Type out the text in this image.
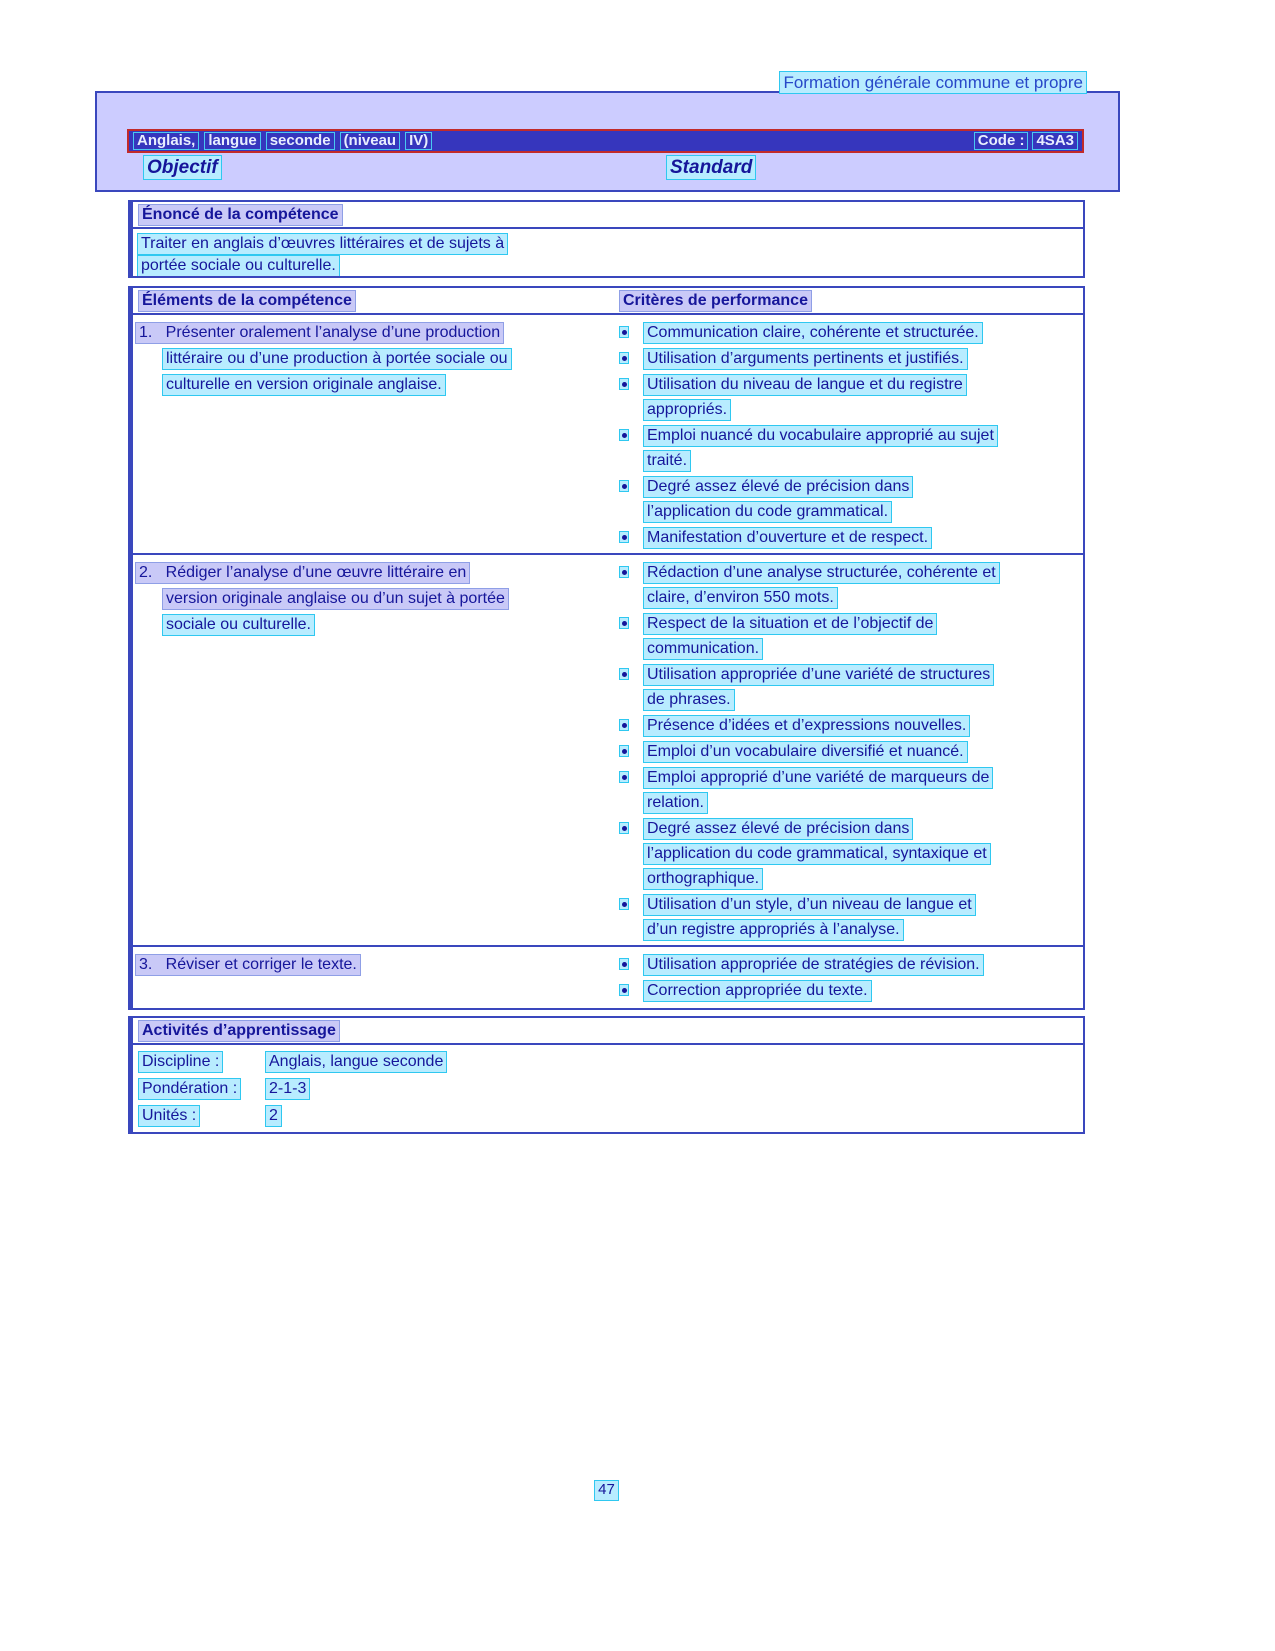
Formation générale commune et propre
Anglais, langue seconde (niveau IV)	Code : 4SA3
Objectif	Standard
Énoncé de la compétence
Traiter en anglais d’œuvres littéraires et de sujets à
portée sociale ou culturelle.
Éléments de la compétence	Critères de performance
1.   Présenter oralement l’analyse d’une production
littéraire ou d’une production à portée sociale ou
culturelle en version originale anglaise.
Communication claire, cohérente et structurée.
Utilisation d’arguments pertinents et justifiés.
Utilisation du niveau de langue et du registre
appropriés.
Emploi nuancé du vocabulaire approprié au sujet
traité.
Degré assez élevé de précision dans
l’application du code grammatical.
Manifestation d’ouverture et de respect.
2.   Rédiger l’analyse d’une œuvre littéraire en
version originale anglaise ou d’un sujet à portée
sociale ou culturelle.
Rédaction d’une analyse structurée, cohérente et
claire, d’environ 550 mots.
Respect de la situation et de l’objectif de
communication.
Utilisation appropriée d’une variété de structures
de phrases.
Présence d’idées et d’expressions nouvelles.
Emploi d’un vocabulaire diversifié et nuancé.
Emploi approprié d’une variété de marqueurs de
relation.
Degré assez élevé de précision dans
l’application du code grammatical, syntaxique et
orthographique.
Utilisation d’un style, d’un niveau de langue et
d’un registre appropriés à l’analyse.
3.   Réviser et corriger le texte.	Utilisation appropriée de stratégies de révision.
Correction appropriée du texte.
Activités d’apprentissage
Discipline :	Anglais, langue seconde
Pondération : 2-1-3
Unités :	2
47
